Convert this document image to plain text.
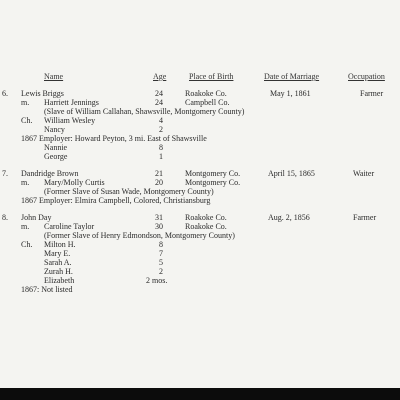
Name	Age	Place of Birth	Date of Marriage	Occupation
6. Lewis Briggs	24	Roakoke Co.	May 1, 1861	Farmer
m. Harriett Jennings	24	Campbell Co.
(Slave of William Callahan, Shawsville, Montgomery County)
Ch. William Wesley	4
Nancy	2
1867 Employer: Howard Peyton, 3 mi. East of Shawsville
Nannie	8
George	1
7. Dandridge Brown	21	Montgomery Co.	April 15, 1865	Waiter
m. Mary/Molly Curtis	20	Montgomery Co.
(Former Slave of Susan Wade, Montgomery County)
1867 Employer: Elmira Campbell, Colored, Christiansburg
8. John Day	31	Roakoke Co.	Aug. 2, 1856	Farmer
m. Caroline Taylor	30	Roakoke Co.
(Former Slave of Henry Edmondson, Montgomery County)
Ch. Milton H.	8
Mary E.	7
Sarah A.	5
Zurah H.	2
Elizabeth	2 mos.
1867: Not listed
